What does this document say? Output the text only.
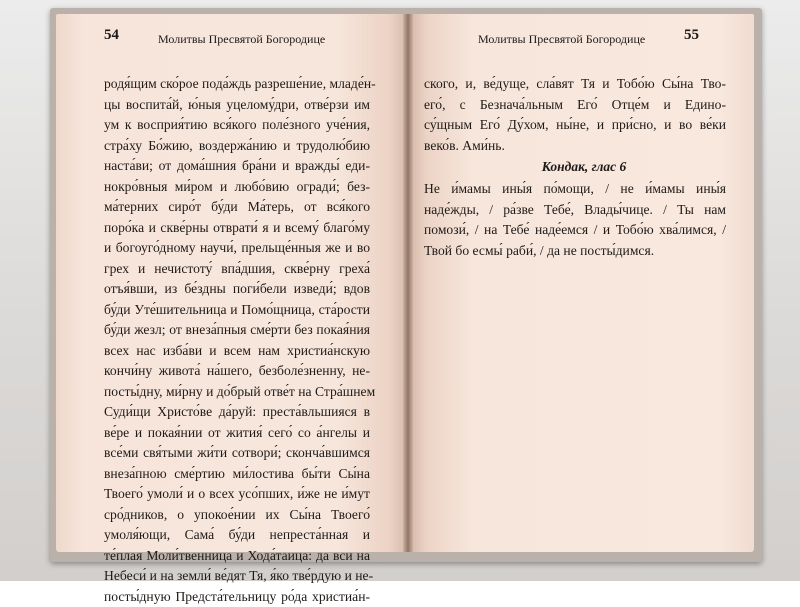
54	Молитвы Пресвятой Богородице	Молитвы Пресвятой Богородице	55
родя́щим ско́рое пода́ждь разреше́ние, младе́н-
цы воспита́й, ю́ныя уцелому́дри, отве́рзи им
ум к восприя́тию вся́кого поле́зного уче́ния,
стра́ху Бо́жию, воздержа́нию и трудолю́бию
наста́ви; от дома́шния бра́ни и вражды́ еди-
нокро́вныя ми́ром и любо́вию огради́; без-
ма́терних сиро́т бу́ди Ма́терь, от вся́кого
поро́ка и скве́рны отврати́ я и всему́ благо́му
и богоуго́дному научи́, прельще́нныя же и во
грех и нечистоту́ впа́дшия, скве́рну греха́
отъя́вши, из бе́здны поги́бели изведи́; вдов
бу́ди Уте́шительница и Помо́щница, ста́рости
бу́ди жезл; от внеза́пныя сме́рти без покая́ния
всех нас изба́ви и всем нам христиа́нскую
кончи́ну живота́ на́шего, безболе́зненну, не-
посты́дну, ми́рну и до́брый отве́т на Стра́шнем
Суди́щи Христо́ве да́руй: преста́вльшияся в
ве́ре и покая́нии от жития́ сего́ со а́нгелы и
все́ми свя́тыми жи́ти сотвори́; сконча́вшимся
внеза́пною сме́ртию ми́лостива бы́ти Сы́на
Твоего́ умоли́ и о всех усо́пших, и́же не и́мут
сро́дников, о упокое́нии их Сы́на Твоего́
умоля́ющи, Сама́ бу́ди непреста́нная и
те́плая Моли́твенница и Хода́таица: да вси на
Небеси́ и на земли́ ве́дят Тя, я́ко тве́рдую и не-
посты́дную Предста́тельницу ро́да христиа́н-
ского, и, ве́дуще, сла́вят Тя и Тобо́ю Сы́на Тво-
его́, с Безнача́льным Его́ Отце́м и Едино-
су́щным Его́ Ду́хом, ны́не, и при́сно, и во ве́ки
веко́в. Ами́нь.
Кондак, глас 6
Не и́мамы ины́я по́мощи, / не и́мамы ины́я
наде́жды, / ра́зве Тебе́, Влады́чице. / Ты нам
помози́, / на Тебе́ наде́емся / и Тобо́ю хва́лимся, /
Твой бо есмы́ раби́, / да не посты́димся.
